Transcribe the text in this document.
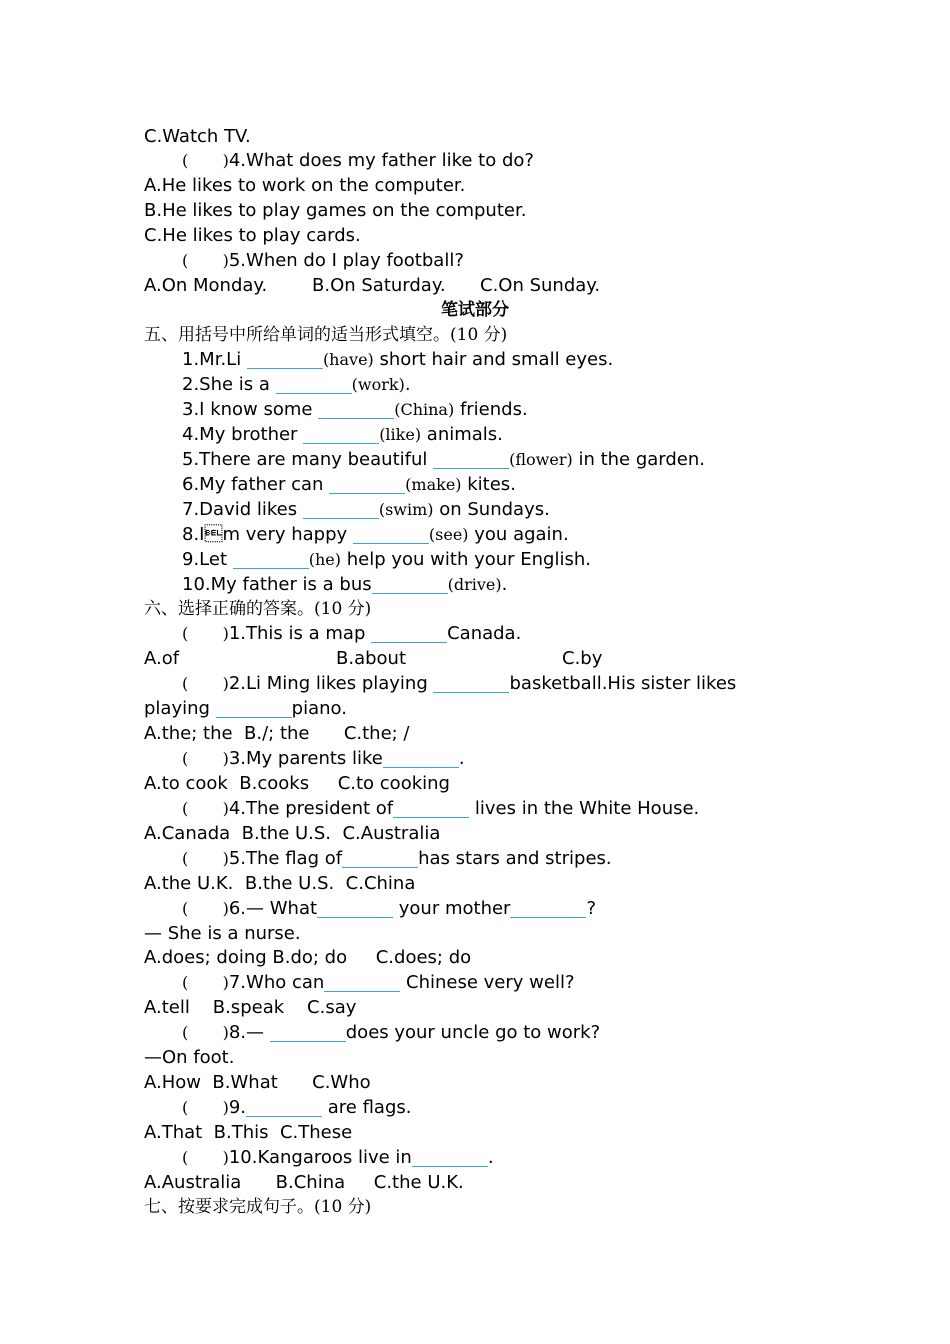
C.Watch TV.
( )4.What does my father like to do?
A.He likes to work on the computer.
B.He likes to play games on the computer.
C.He likes to play cards.
( )5.When do I play football?
A.On Monday. B.On Saturday. C.On Sunday.
笔试部分
五、用括号中所给单词的适当形式填空。(10 分)
1.Mr.Li	(have) short hair and small eyes.
2.She is a	(work).
3.I know some	(China) friends.
4.My brother	(like) animals.
5.There are many beautiful	(flower) in the garden.
6.My father can	(make) kites.
7.David likes	(swim) on Sundays.
8.Im very happy	(see) you again.
9.Let	(he) help you with your English.
10.My father is a bus	(drive).
六、选择正确的答案。(10 分)
( )1.This is a map	Canada.
A.of	B.about	C.by
( )2.Li Ming likes playing	basketball.His sister likes
playing	piano.
A.the; the  B./; the      C.the; /
( )3.My parents like	.
A.to cook  B.cooks     C.to cooking
( )4.The president of	lives in the White House.
A.Canada  B.the U.S.  C.Australia
( )5.The flag of	has stars and stripes.
A.the U.K.  B.the U.S.  C.China
( )6.— What	your mother	?
— She is a nurse.
A.does; doing B.do; do     C.does; do
( )7.Who can	Chinese very well?
A.tell    B.speak    C.say
( )8.—	does your uncle go to work?
—On foot.
A.How  B.What      C.Who
( )9.	are flags.
A.That  B.This  C.These
( )10.Kangaroos live in	.
A.Australia      B.China     C.the U.K.
七、按要求完成句子。(10 分)
